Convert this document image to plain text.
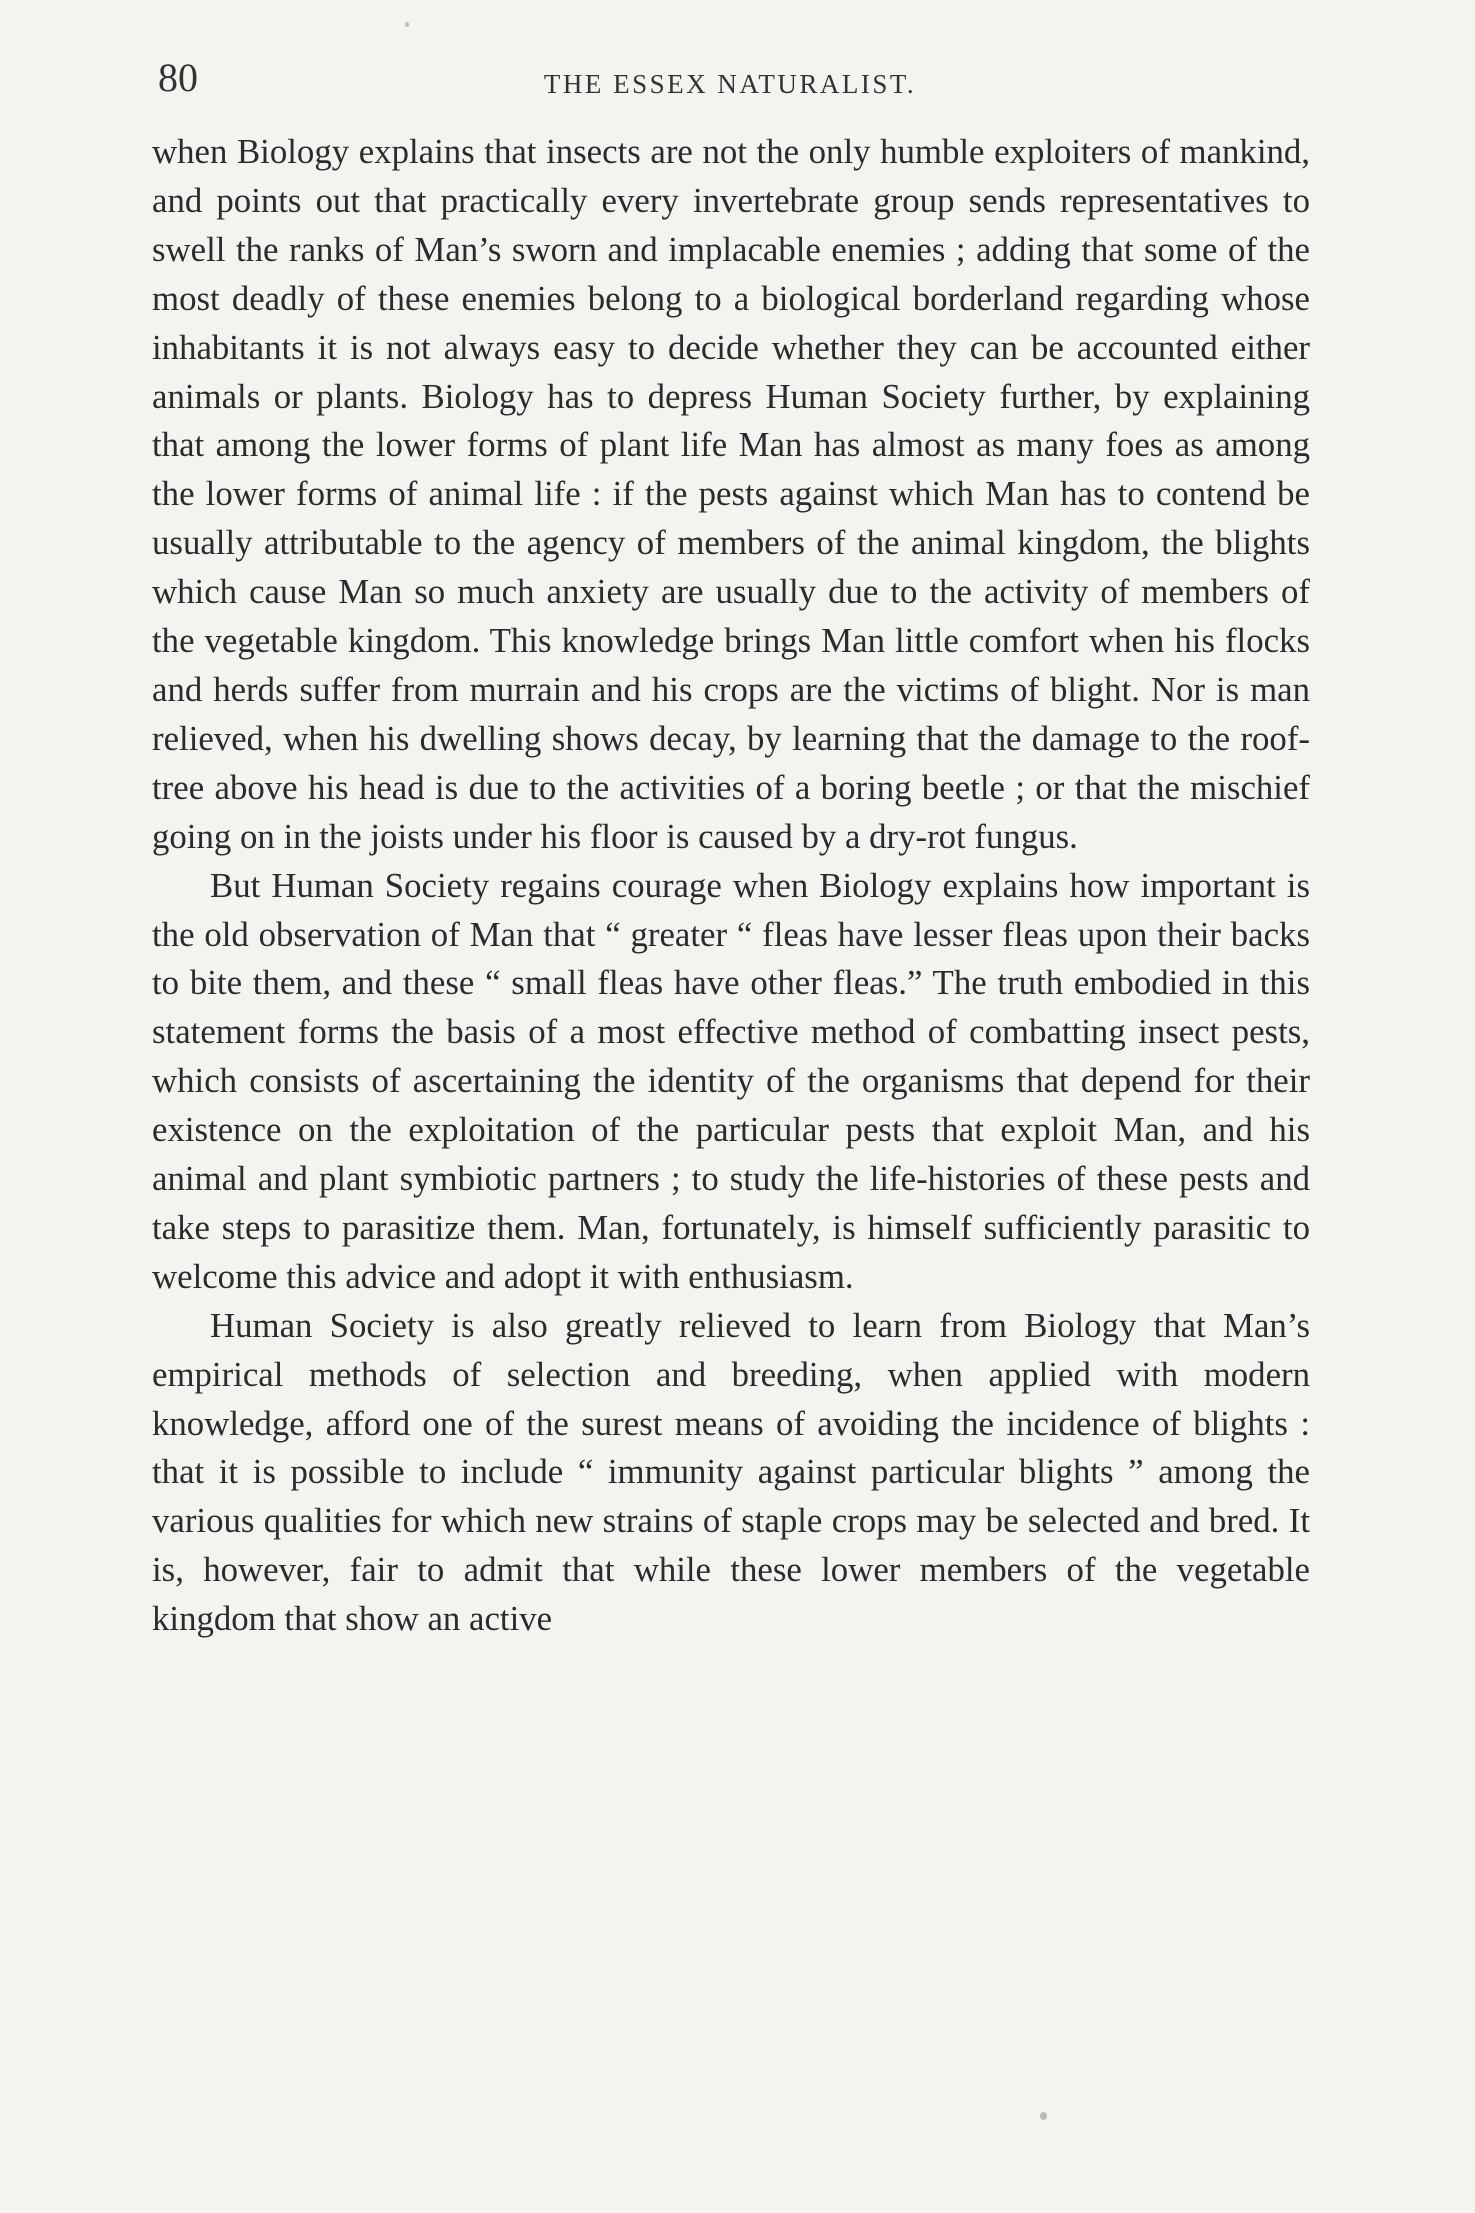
80	THE ESSEX NATURALIST.

when Biology explains that insects are not the only humble exploiters of mankind, and points out that practically every invertebrate group sends representatives to swell the ranks of Man’s sworn and implacable enemies ; adding that some of the most deadly of these enemies belong to a biological borderland regarding whose inhabitants it is not always easy to decide whether they can be accounted either animals or plants. Biology has to depress Human Society further, by explaining that among the lower forms of plant life Man has almost as many foes as among the lower forms of animal life : if the pests against which Man has to contend be usually attributable to the agency of members of the animal kingdom, the blights which cause Man so much anxiety are usually due to the activity of members of the vegetable kingdom. This knowledge brings Man little comfort when his flocks and herds suffer from murrain and his crops are the victims of blight. Nor is man relieved, when his dwelling shows decay, by learning that the damage to the roof-tree above his head is due to the activities of a boring beetle ; or that the mischief going on in the joists under his floor is caused by a dry-rot fungus.

But Human Society regains courage when Biology explains how important is the old observation of Man that “ greater “ fleas have lesser fleas upon their backs to bite them, and these “ small fleas have other fleas.” The truth embodied in this statement forms the basis of a most effective method of combatting insect pests, which consists of ascertaining the identity of the organisms that depend for their existence on the exploitation of the particular pests that exploit Man, and his animal and plant symbiotic partners ; to study the life-histories of these pests and take steps to parasitize them. Man, fortunately, is himself sufficiently parasitic to welcome this advice and adopt it with enthusiasm.

Human Society is also greatly relieved to learn from Biology that Man’s empirical methods of selection and breeding, when applied with modern knowledge, afford one of the surest means of avoiding the incidence of blights : that it is possible to include “ immunity against particular blights ” among the various qualities for which new strains of staple crops may be selected and bred. It is, however, fair to admit that while these lower members of the vegetable kingdom that show an active
